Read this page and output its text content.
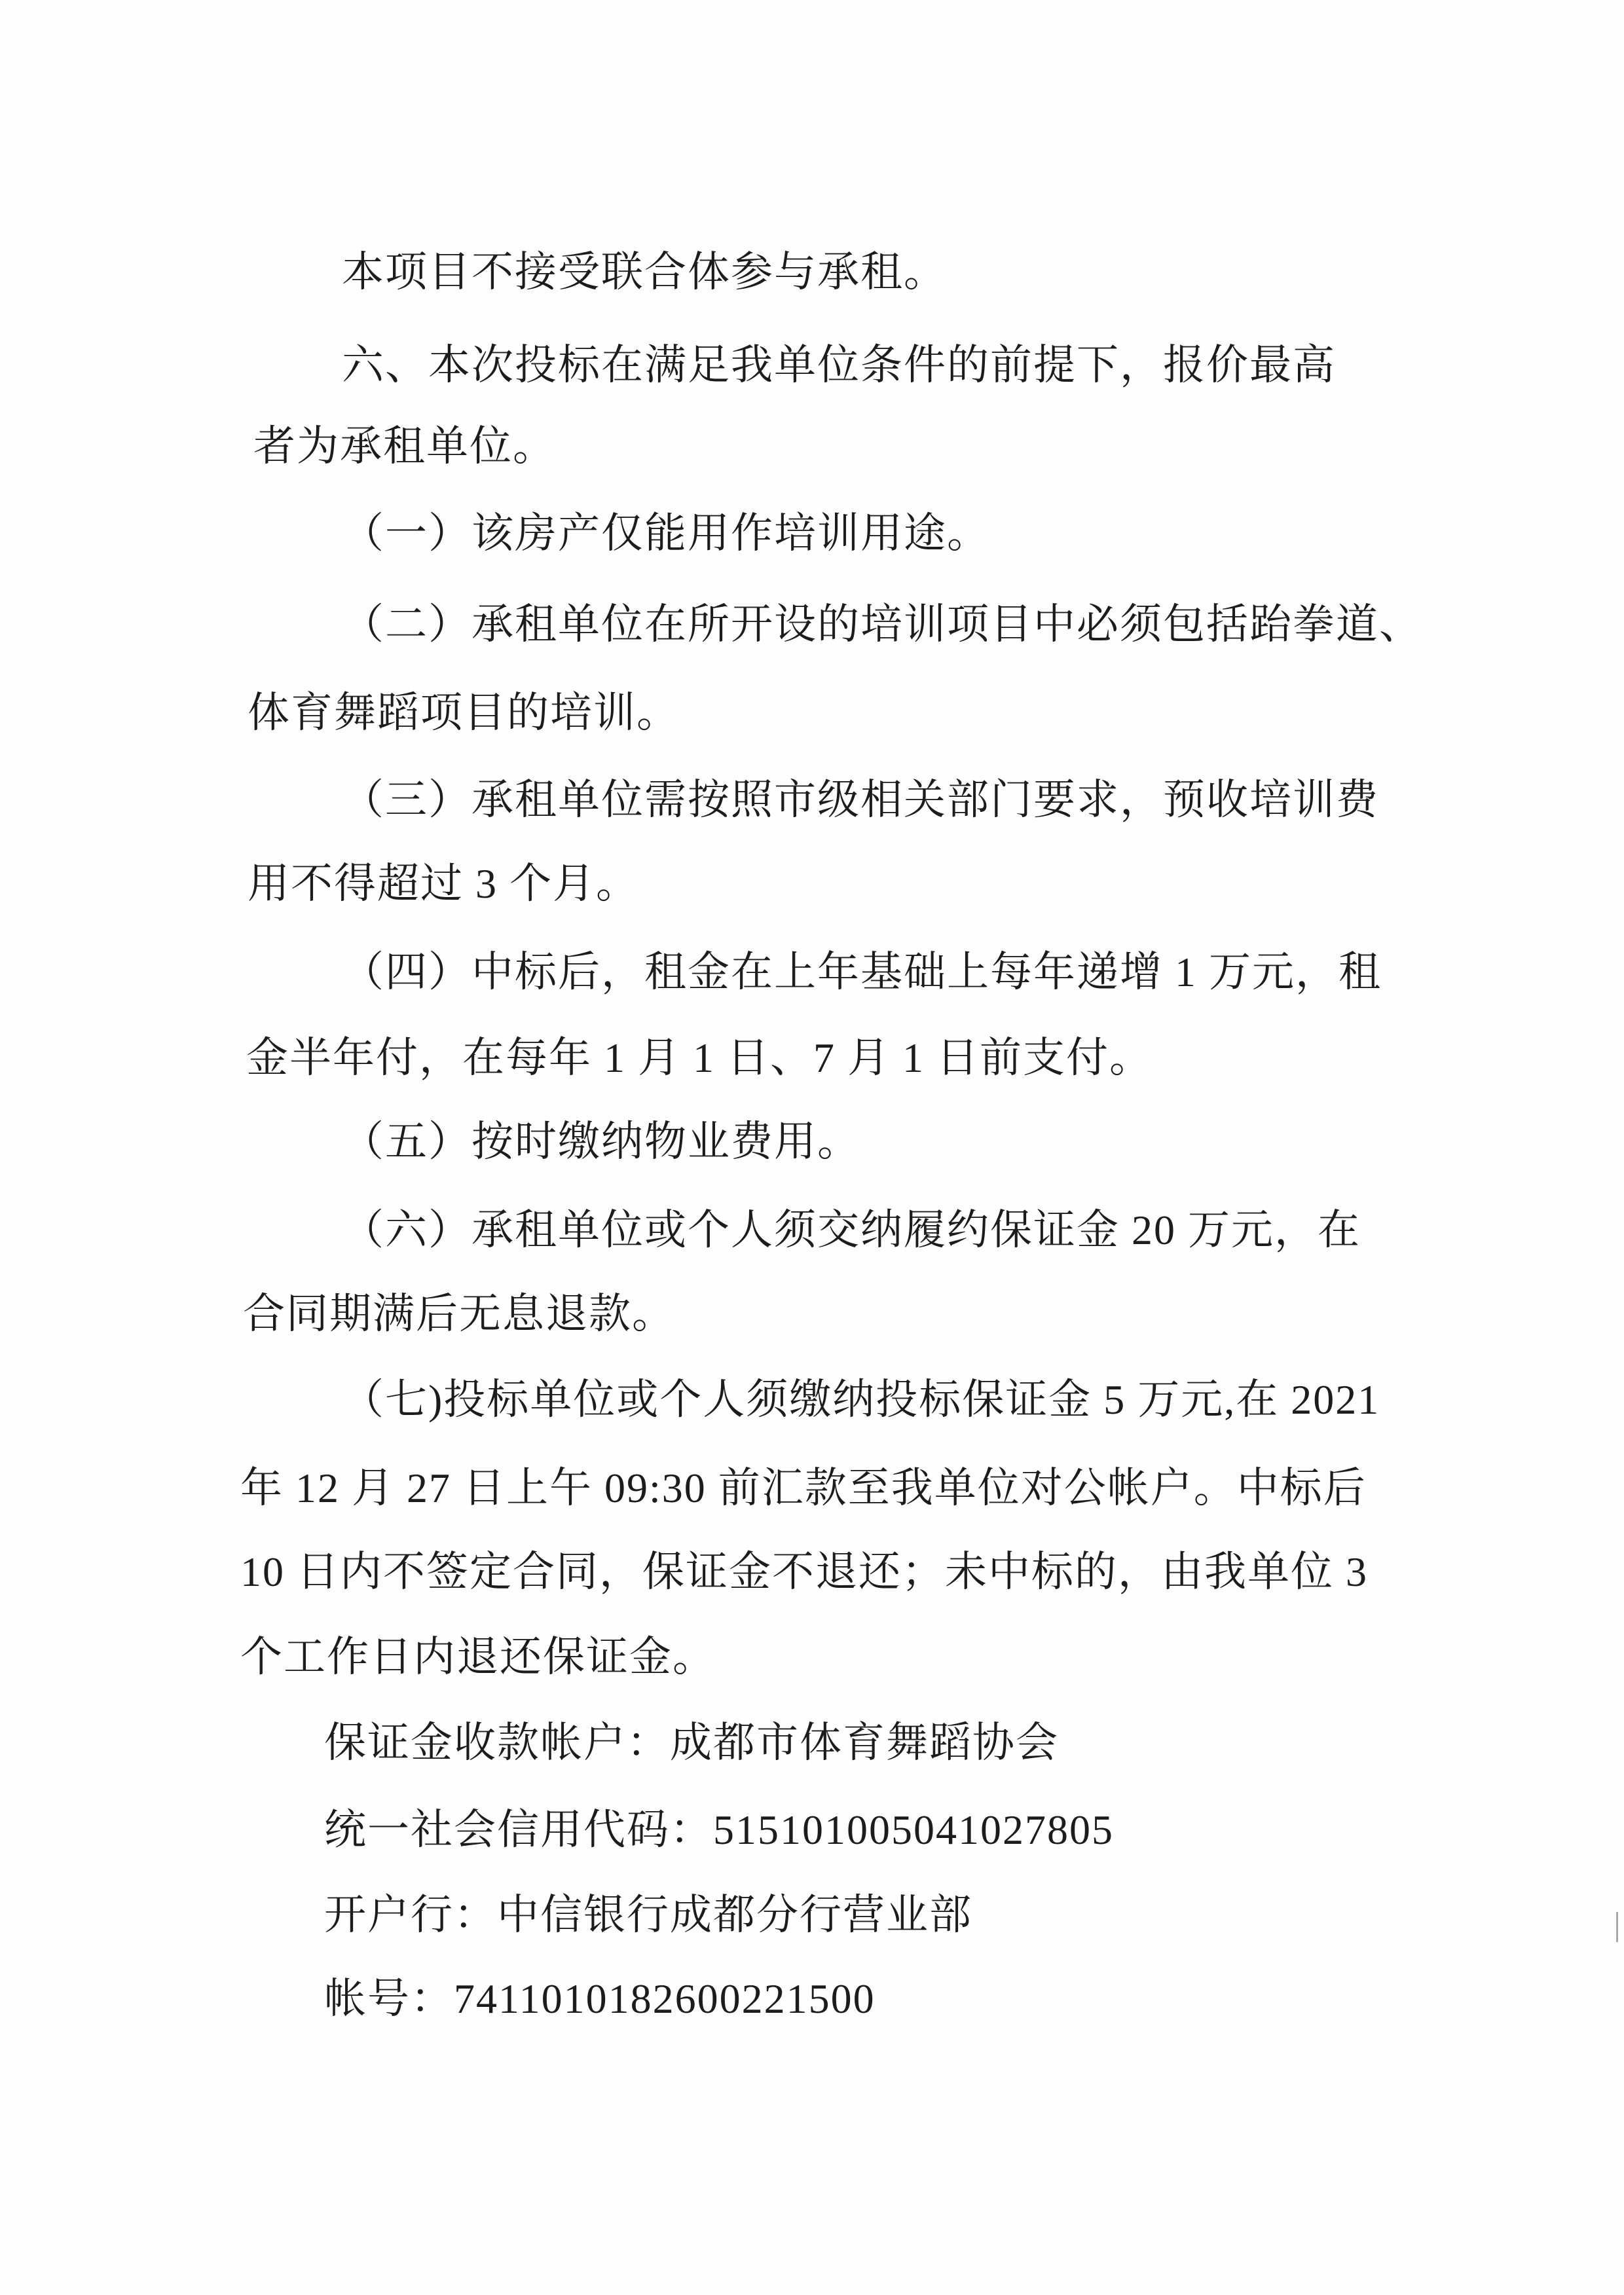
本项目不接受联合体参与承租。
六、本次投标在满足我单位条件的前提下，报价最高
者为承租单位。
（一）该房产仅能用作培训用途。
（二）承租单位在所开设的培训项目中必须包括跆拳道、
体育舞蹈项目的培训。
（三）承租单位需按照市级相关部门要求，预收培训费
用不得超过 3 个月。
（四）中标后，租金在上年基础上每年递增 1 万元，租
金半年付，在每年 1 月 1 日、7 月 1 日前支付。
（五）按时缴纳物业费用。
（六）承租单位或个人须交纳履约保证金 20 万元，在
合同期满后无息退款。
（七)投标单位或个人须缴纳投标保证金 5 万元,在 2021
年 12 月 27 日上午 09:30 前汇款至我单位对公帐户。中标后
10 日内不签定合同，保证金不退还；未中标的，由我单位 3
个工作日内退还保证金。
保证金收款帐户：成都市体育舞蹈协会
统一社会信用代码：515101005041027805
开户行：中信银行成都分行营业部
帐号：7411010182600221500
